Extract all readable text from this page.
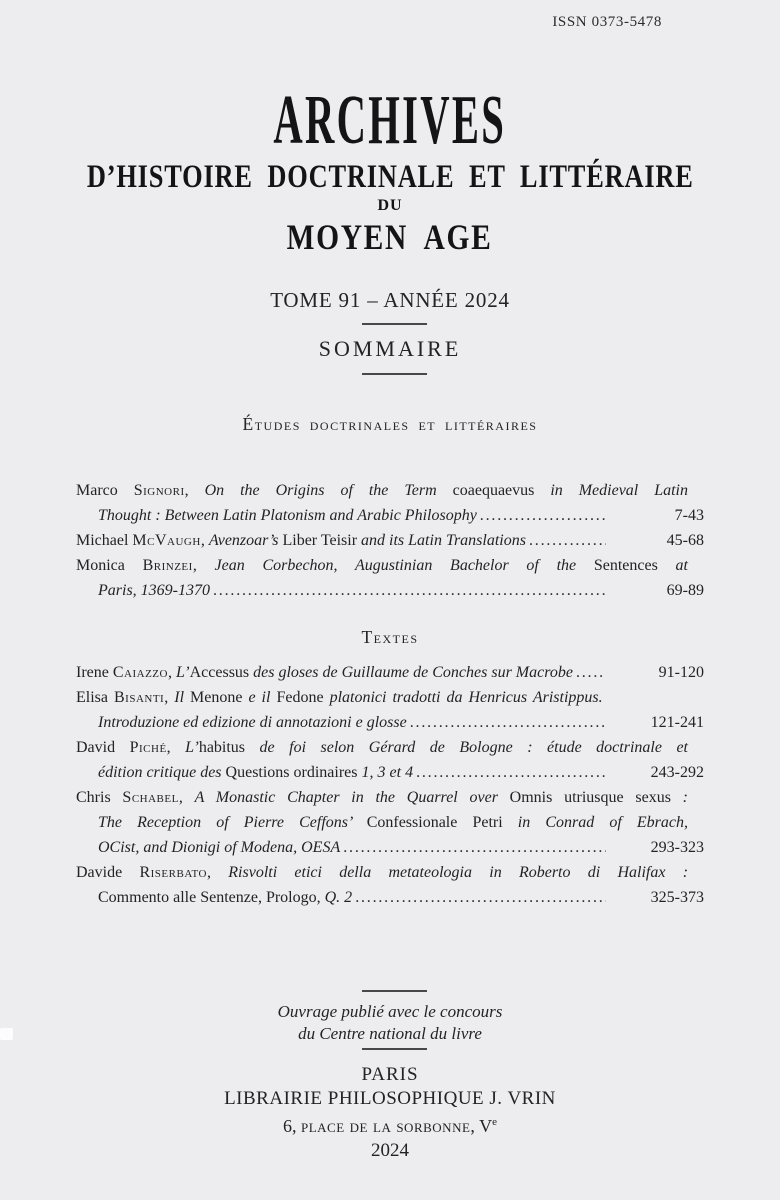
ISSN 0373-5478
ARCHIVES
D’HISTOIRE DOCTRINALE ET LITTÉRAIRE
DU
MOYEN AGE
TOME 91 – ANNÉE 2024
SOMMAIRE
Études doctrinales et littéraires
Marco Signori, On the Origins of the Term coaequaevus in Medieval Latin
Thought : Between Latin Platonism and Arabic Philosophy .....	7-43
Michael McVaugh , Avenzoar’s Liber Teisir and its Latin Translations .....	45-68
Monica Brinzei, Jean Corbechon, Augustinian Bachelor of the Sentences at
Paris, 1369-1370 .....	69-89
Textes
Irene Caiazzo , L’ Accessus des gloses de Guillaume de Conches sur Macrobe .....	91-120
Elisa Bisanti, Il Menone e il Fedone platonici tradotti da Henricus Aristippus.
Introduzione ed edizione di annotazioni e glosse .....	121-241
David Piché, L’habitus de foi selon Gérard de Bologne : étude doctrinale et
édition critique des Questions ordinaires 1, 3 et 4 .....	243-292
Chris Schabel, A Monastic Chapter in the Quarrel over Omnis utriusque sexus :
The Reception of Pierre Ceffons’ Confessionale Petri in Conrad of Ebrach,
OCist, and Dionigi of Modena, OESA .....	293-323
Davide Riserbato, Risvolti etici della metateologia in Roberto di Halifax :
Commento alle Sentenze, Prologo, Q. 2 .....	325-373
Ouvrage publié avec le concours
du Centre national du livre
PARIS
LIBRAIRIE PHILOSOPHIQUE J. VRIN
6, place de la sorbonne, Ve
2024
